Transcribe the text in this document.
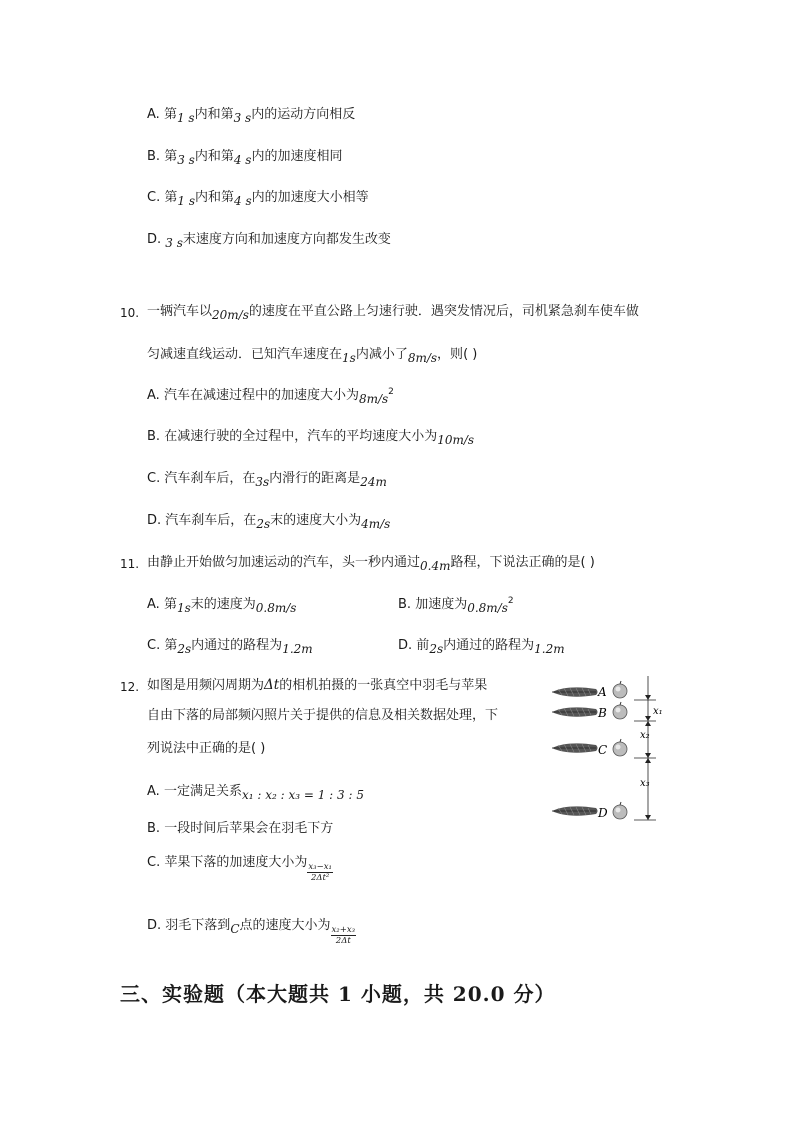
A. 第1 s内和第3 s内的运动方向相反
B. 第3 s内和第4 s内的加速度相同
C. 第1 s内和第4 s内的加速度大小相等
D. 3 s末速度方向和加速度方向都发生改变
10. 一辆汽车以20m/s的速度在平直公路上匀速行驶．遇突发情况后，司机紧急刹车使车做
匀减速直线运动．已知汽车速度在1s内减小了8m/s，则( )
A. 汽车在减速过程中的加速度大小为$8m/s^2$
B. 在减速行驶的全过程中，汽车的平均速度大小为10m/s
C. 汽车刹车后，在3s内滑行的距离是24m
D. 汽车刹车后，在2s末的速度大小为4m/s
11. 由静止开始做匀加速运动的汽车，头一秒内通过0.4m路程，下说法正确的是( )
A. 第1s末的速度为0.8m/s	B. 加速度为$0.8m/s^2$
C. 第2s内通过的路程为1.2m	D. 前2s内通过的路程为1.2m
12. 如图是用频闪周期为Δt的相机拍摄的一张真空中羽毛与苹果
自由下落的局部频闪照片关于提供的信息及相关数据处理，下
列说法中正确的是( )
A. 一定满足关系x₁ : x₂ : x₃ = 1 : 3 : 5
B. 一段时间后苹果会在羽毛下方
C. 苹果下落的加速度大小为 $\frac{\text{x₃−x₁}}{\text{2Δt²}}$
D. 羽毛下落到C点的速度大小为 $\frac{\text{x₂+x₃}}{2\Delta t}$
A
B
C
D
x₁
x₂
x₃
三、实验题（本大题共 1 小题，共 20.0 分）
